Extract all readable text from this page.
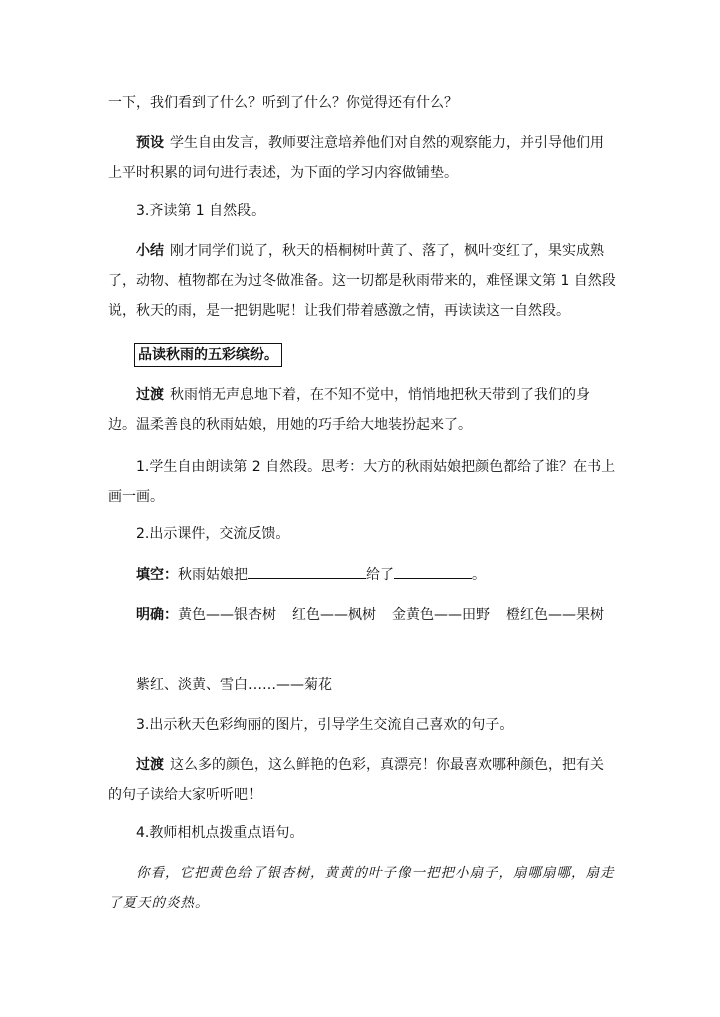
一下，我们看到了什么？听到了什么？你觉得还有什么？

预设 学生自由发言，教师要注意培养他们对自然的观察能力，并引导他们用上平时积累的词句进行表述，为下面的学习内容做铺垫。

3.齐读第 1 自然段。

小结 刚才同学们说了，秋天的梧桐树叶黄了、落了，枫叶变红了，果实成熟了，动物、植物都在为过冬做准备。这一切都是秋雨带来的，难怪课文第 1 自然段说，秋天的雨，是一把钥匙呢！让我们带着感激之情，再读读这一自然段。

品读秋雨的五彩缤纷。

过渡 秋雨悄无声息地下着，在不知不觉中，悄悄地把秋天带到了我们的身边。温柔善良的秋雨姑娘，用她的巧手给大地装扮起来了。

1.学生自由朗读第 2 自然段。思考：大方的秋雨姑娘把颜色都给了谁？在书上画一画。

2.出示课件，交流反馈。

填空：秋雨姑娘把	给了	。

明确：黄色——银杏树 红色——枫树 金黄色——田野 橙红色——果树

紫红、淡黄、雪白……——菊花

3.出示秋天色彩绚丽的图片，引导学生交流自己喜欢的句子。

过渡 这么多的颜色，这么鲜艳的色彩，真漂亮！你最喜欢哪种颜色，把有关的句子读给大家听听吧！

4.教师相机点拨重点语句。

你看，它把黄色给了银杏树，黄黄的叶子像一把把小扇子，扇哪扇哪，扇走了夏天的炎热。
